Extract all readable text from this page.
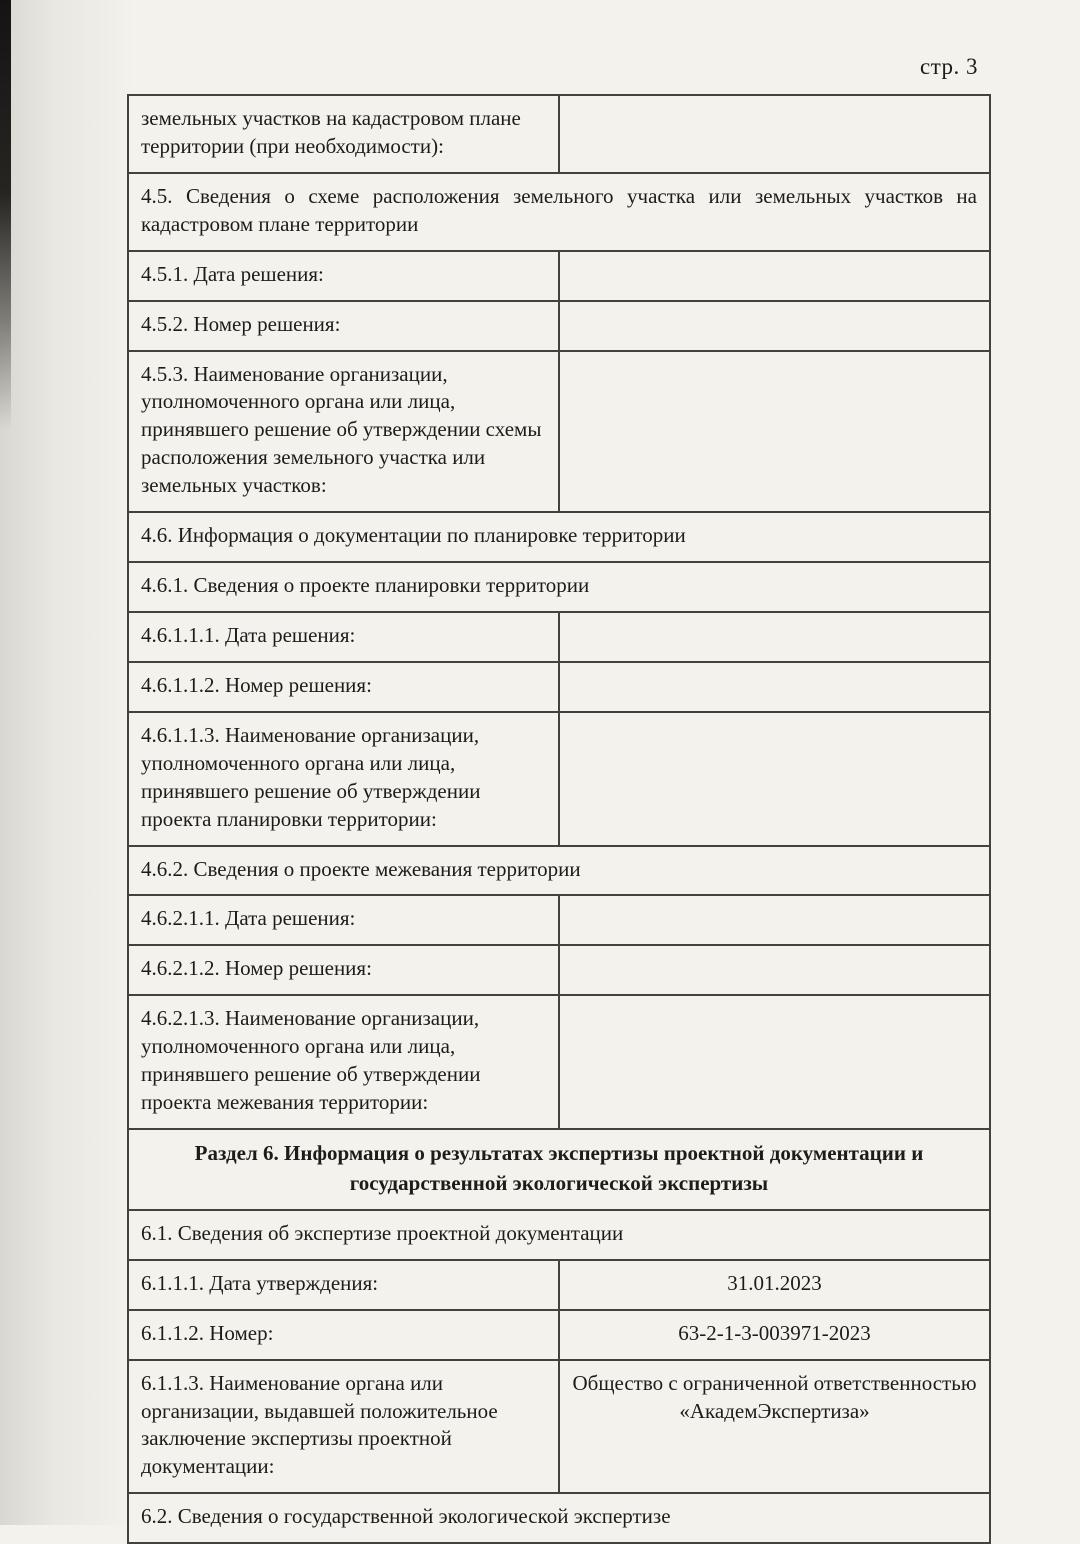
стр. 3
земельных участков на кадастровом плане территории (при необходимости):	
4.5. Сведения о схеме расположения земельного участка или земельных участков на кадастровом плане территории	
4.5.1. Дата решения:	
4.5.2. Номер решения:	
4.5.3. Наименование организации, уполномоченного органа или лица, принявшего решение об утверждении схемы расположения земельного участка или земельных участков:	
4.6. Информация о документации по планировке территории	
4.6.1. Сведения о проекте планировки территории	
4.6.1.1.1. Дата решения:	
4.6.1.1.2. Номер решения:	
4.6.1.1.3. Наименование организации, уполномоченного органа или лица, принявшего решение об утверждении проекта планировки территории:	
4.6.2. Сведения о проекте межевания территории	
4.6.2.1.1. Дата решения:	
4.6.2.1.2. Номер решения:	
4.6.2.1.3. Наименование организации, уполномоченного органа или лица, принявшего решение об утверждении проекта межевания территории:	
Раздел 6. Информация о результатах экспертизы проектной документации и государственной экологической экспертизы	
6.1. Сведения об экспертизе проектной документации	
6.1.1.1. Дата утверждения:	31.01.2023
6.1.1.2. Номер:	63-2-1-3-003971-2023
6.1.1.3. Наименование органа или организации, выдавшей положительное заключение экспертизы проектной документации:	Общество с ограниченной ответственностью «АкадемЭкспертиза»
6.2. Сведения о государственной экологической экспертизе	
